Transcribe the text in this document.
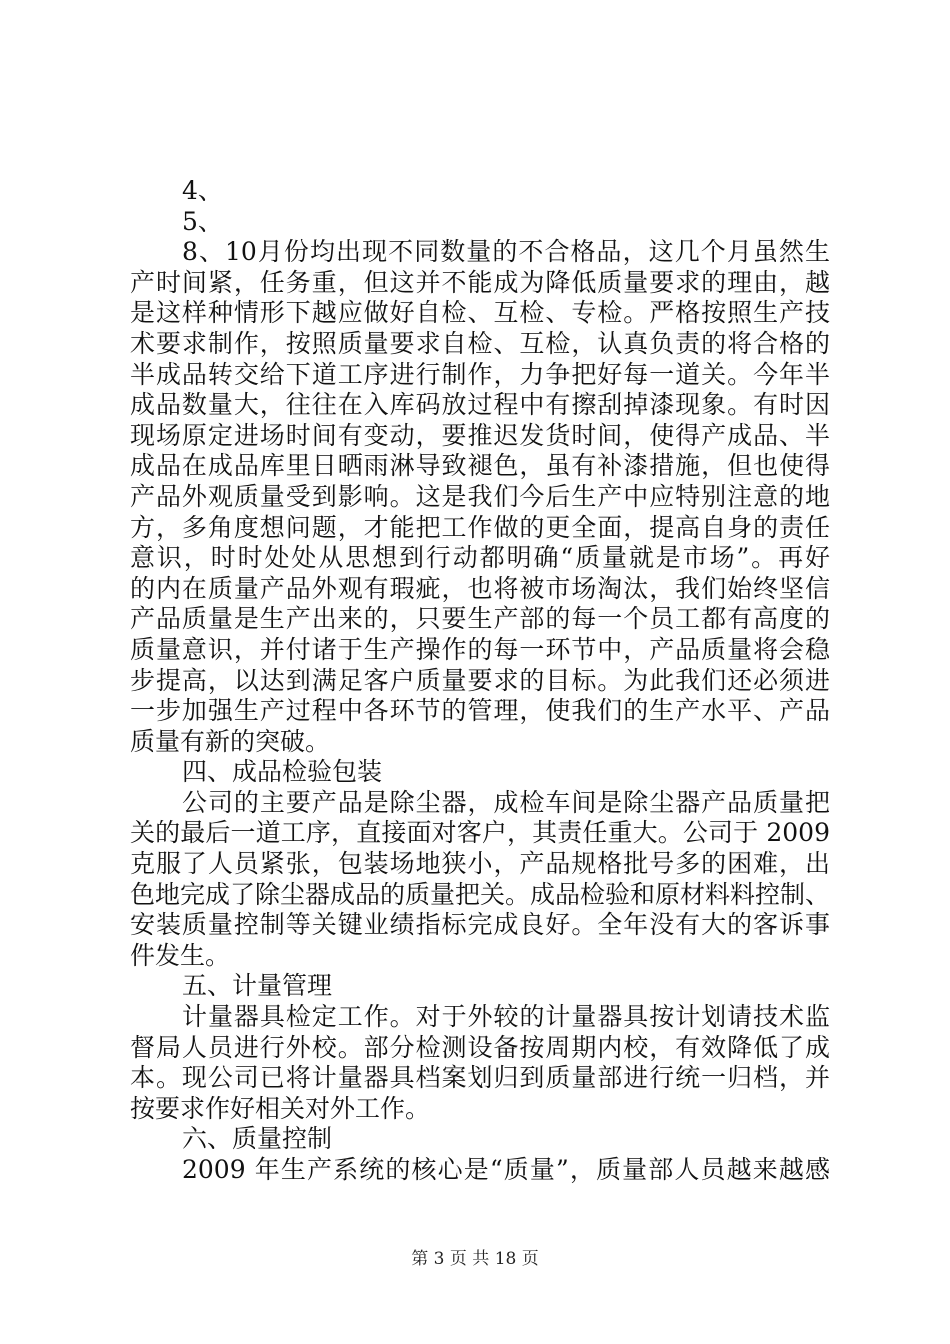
4、
5、
8、10月份均出现不同数量的不合格品，这几个月虽然生
产时间紧，任务重，但这并不能成为降低质量要求的理由，越
是这样种情形下越应做好自检、互检、专检。严格按照生产技
术要求制作，按照质量要求自检、互检，认真负责的将合格的
半成品转交给下道工序进行制作，力争把好每一道关。今年半
成品数量大，往往在入库码放过程中有擦刮掉漆现象。有时因
现场原定进场时间有变动，要推迟发货时间，使得产成品、半
成品在成品库里日晒雨淋导致褪色，虽有补漆措施，但也使得
产品外观质量受到影响。这是我们今后生产中应特别注意的地
方，多角度想问题，才能把工作做的更全面，提高自身的责任
意识，时时处处从思想到行动都明确“质量就是市场”。再好
的内在质量产品外观有瑕疵，也将被市场淘汰，我们始终坚信
产品质量是生产出来的，只要生产部的每一个员工都有高度的
质量意识，并付诸于生产操作的每一环节中，产品质量将会稳
步提高，以达到满足客户质量要求的目标。为此我们还必须进
一步加强生产过程中各环节的管理，使我们的生产水平、产品
质量有新的突破。
四、成品检验包装
公司的主要产品是除尘器，成检车间是除尘器产品质量把
关的最后一道工序，直接面对客户，其责任重大。公司于 2009
克服了人员紧张，包装场地狭小，产品规格批号多的困难，出
色地完成了除尘器成品的质量把关。成品检验和原材料料控制、
安装质量控制等关键业绩指标完成良好。全年没有大的客诉事
件发生。
五、计量管理
计量器具检定工作。对于外较的计量器具按计划请技术监
督局人员进行外校。部分检测设备按周期内校，有效降低了成
本。现公司已将计量器具档案划归到质量部进行统一归档，并
按要求作好相关对外工作。
六、质量控制
2009 年生产系统的核心是“质量”，质量部人员越来越感
第 3 页 共 18 页
